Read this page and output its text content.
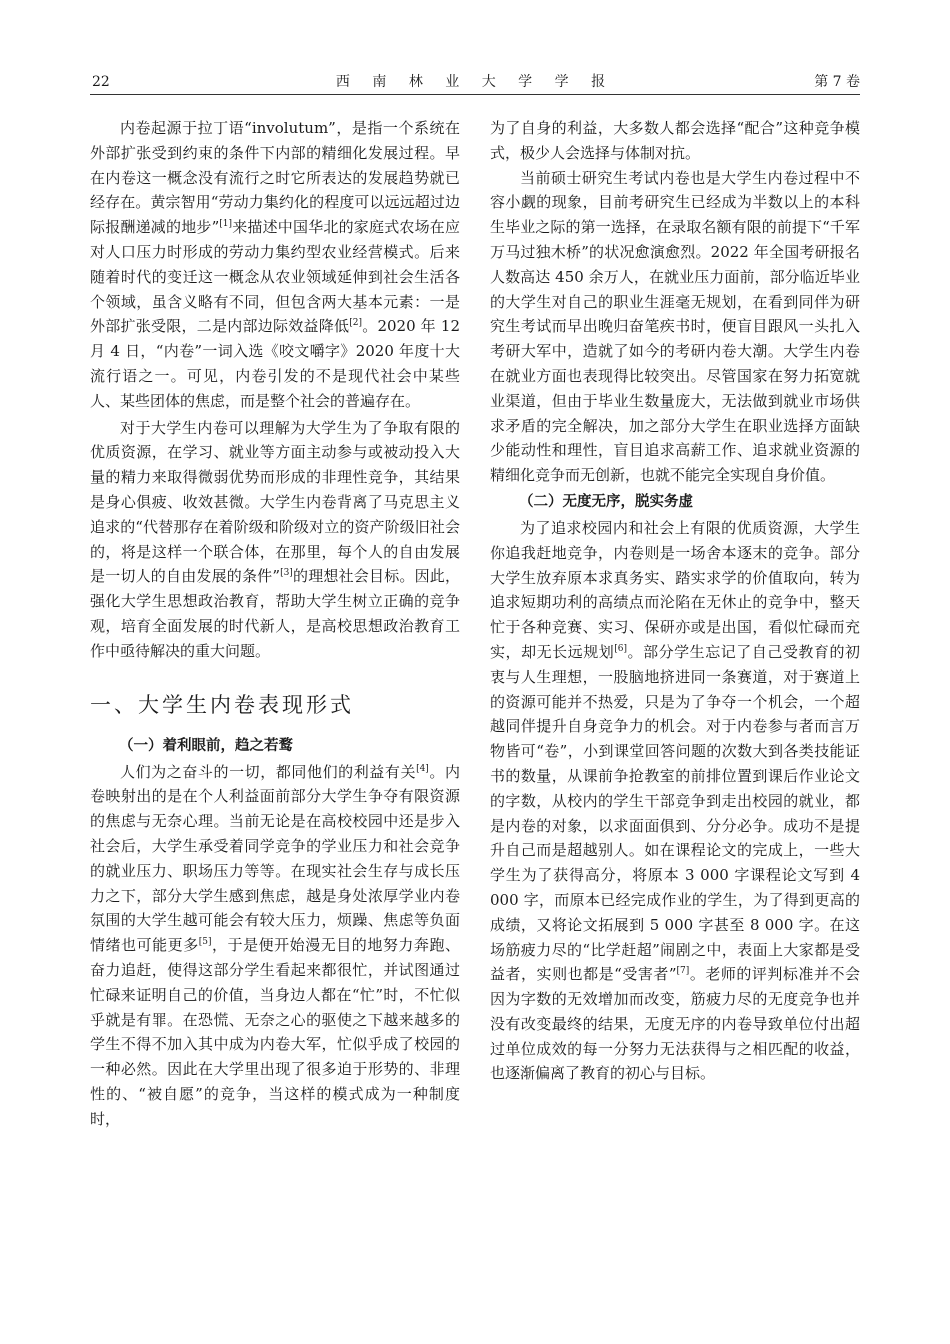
22	西 南 林 业 大 学 学 报	第 7 卷

内卷起源于拉丁语“involutum”，是指一个系统在外部扩张受到约束的条件下内部的精细化发展过程。早在内卷这一概念没有流行之时它所表达的发展趋势就已经存在。黄宗智用“劳动力集约化的程度可以远远超过边际报酬递减的地步”[1]来描述中国华北的家庭式农场在应对人口压力时形成的劳动力集约型农业经营模式。后来随着时代的变迁这一概念从农业领域延伸到社会生活各个领域，虽含义略有不同，但包含两大基本元素：一是外部扩张受限，二是内部边际效益降低[2]。2020 年 12 月 4 日，“内卷”一词入选《咬文嚼字》2020 年度十大流行语之一。可见，内卷引发的不是现代社会中某些人、某些团体的焦虑，而是整个社会的普遍存在。

对于大学生内卷可以理解为大学生为了争取有限的优质资源，在学习、就业等方面主动参与或被动投入大量的精力来取得微弱优势而形成的非理性竞争，其结果是身心俱疲、收效甚微。大学生内卷背离了马克思主义追求的“代替那存在着阶级和阶级对立的资产阶级旧社会的，将是这样一个联合体，在那里，每个人的自由发展是一切人的自由发展的条件”[3]的理想社会目标。因此，强化大学生思想政治教育，帮助大学生树立正确的竞争观，培育全面发展的时代新人，是高校思想政治教育工作中亟待解决的重大问题。

一、大学生内卷表现形式
（一）着利眼前，趋之若鹜

人们为之奋斗的一切，都同他们的利益有关[4]。内卷映射出的是在个人利益面前部分大学生争夺有限资源的焦虑与无奈心理。当前无论是在高校校园中还是步入社会后，大学生承受着同学竞争的学业压力和社会竞争的就业压力、职场压力等等。在现实社会生存与成长压力之下，部分大学生感到焦虑，越是身处浓厚学业内卷氛围的大学生越可能会有较大压力，烦躁、焦虑等负面情绪也可能更多[5]，于是便开始漫无目的地努力奔跑、奋力追赶，使得这部分学生看起来都很忙，并试图通过忙碌来证明自己的价值，当身边人都在“忙”时，不忙似乎就是有罪。在恐慌、无奈之心的驱使之下越来越多的学生不得不加入其中成为内卷大军，忙似乎成了校园的一种必然。因此在大学里出现了很多迫于形势的、非理性的、“被自愿”的竞争，当这样的模式成为一种制度时，

为了自身的利益，大多数人都会选择“配合”这种竞争模式，极少人会选择与体制对抗。

当前硕士研究生考试内卷也是大学生内卷过程中不容小觑的现象，目前考研究生已经成为半数以上的本科生毕业之际的第一选择，在录取名额有限的前提下“千军万马过独木桥”的状况愈演愈烈。2022 年全国考研报名人数高达 450 余万人，在就业压力面前，部分临近毕业的大学生对自己的职业生涯毫无规划，在看到同伴为研究生考试而早出晚归奋笔疾书时，便盲目跟风一头扎入考研大军中，造就了如今的考研内卷大潮。大学生内卷在就业方面也表现得比较突出。尽管国家在努力拓宽就业渠道，但由于毕业生数量庞大，无法做到就业市场供求矛盾的完全解决，加之部分大学生在职业选择方面缺少能动性和理性，盲目追求高薪工作、追求就业资源的精细化竞争而无创新，也就不能完全实现自身价值。

（二）无度无序，脱实务虚

为了追求校园内和社会上有限的优质资源，大学生你追我赶地竞争，内卷则是一场舍本逐末的竞争。部分大学生放弃原本求真务实、踏实求学的价值取向，转为追求短期功利的高绩点而沦陷在无休止的竞争中，整天忙于各种竞赛、实习、保研亦或是出国，看似忙碌而充实，却无长远规划[6]。部分学生忘记了自己受教育的初衷与人生理想，一股脑地挤进同一条赛道，对于赛道上的资源可能并不热爱，只是为了争夺一个机会，一个超越同伴提升自身竞争力的机会。对于内卷参与者而言万物皆可“卷”，小到课堂回答问题的次数大到各类技能证书的数量，从课前争抢教室的前排位置到课后作业论文的字数，从校内的学生干部竞争到走出校园的就业，都是内卷的对象，以求面面俱到、分分必争。成功不是提升自己而是超越别人。如在课程论文的完成上，一些大学生为了获得高分，将原本 3 000 字课程论文写到 4 000 字，而原本已经完成作业的学生，为了得到更高的成绩，又将论文拓展到 5 000 字甚至 8 000 字。在这场筋疲力尽的“比学赶超”闹剧之中，表面上大家都是受益者，实则也都是“受害者”[7]。老师的评判标准并不会因为字数的无效增加而改变，筋疲力尽的无度竞争也并没有改变最终的结果，无度无序的内卷导致单位付出超过单位成效的每一分努力无法获得与之相匹配的收益，也逐渐偏离了教育的初心与目标。
